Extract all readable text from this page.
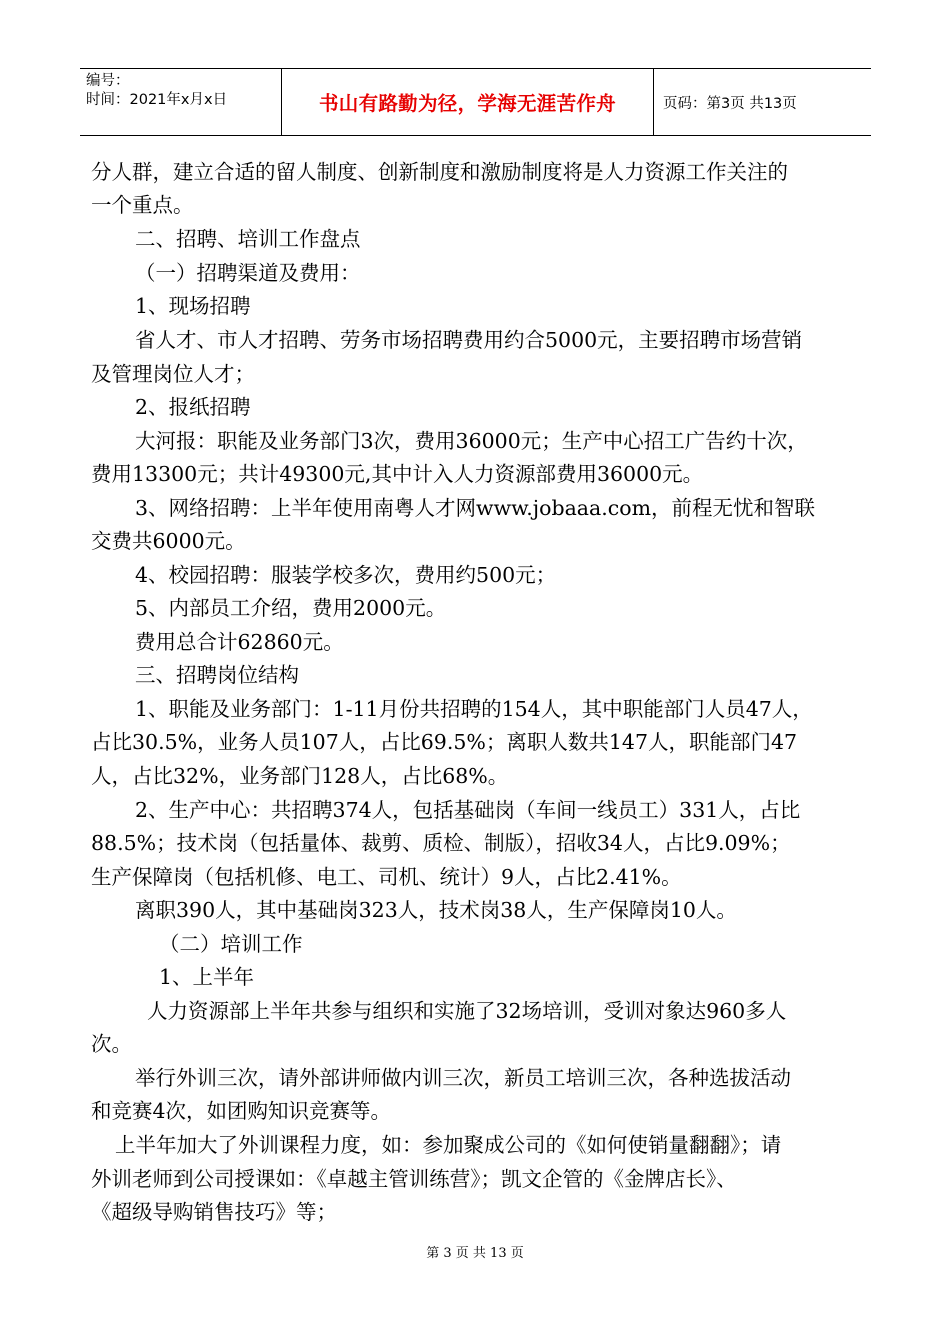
编号：
时间：2021年x月x日	书山有路勤为径，学海无涯苦作舟	页码：第3页 共13页
分人群，建立合适的留人制度、创新制度和激励制度将是人力资源工作关注的
一个重点。
二、招聘、培训工作盘点
（一）招聘渠道及费用：
1、现场招聘
省人才、市人才招聘、劳务市场招聘费用约合5000元，主要招聘市场营销
及管理岗位人才；
2、报纸招聘
大河报：职能及业务部门3次，费用36000元；生产中心招工广告约十次，
费用13300元；共计49300元,其中计入人力资源部费用36000元。
3、网络招聘：上半年使用南粤人才网www.jobaaa.com，前程无忧和智联
交费共6000元。
4、校园招聘：服装学校多次，费用约500元；
5、内部员工介绍，费用2000元。
费用总合计62860元。
三、招聘岗位结构
1、职能及业务部门：1-11月份共招聘的154人，其中职能部门人员47人，
占比30.5%，业务人员107人，占比69.5%；离职人数共147人，职能部门47
人，占比32%，业务部门128人，占比68%。
2、生产中心：共招聘374人，包括基础岗（车间一线员工）331人，占比
88.5%；技术岗（包括量体、裁剪、质检、制版），招收34人，占比9.09%；
生产保障岗（包括机修、电工、司机、统计）9人，占比2.41%。
离职390人，其中基础岗323人，技术岗38人，生产保障岗10人。
（二）培训工作
1、上半年
人力资源部上半年共参与组织和实施了32场培训，受训对象达960多人
次。
举行外训三次，请外部讲师做内训三次，新员工培训三次，各种选拔活动
和竞赛4次，如团购知识竞赛等。
上半年加大了外训课程力度，如：参加聚成公司的《如何使销量翻翻》；请
外训老师到公司授课如：《卓越主管训练营》；凯文企管的《金牌店长》、
《超级导购销售技巧》等；
第 3 页 共 13 页
